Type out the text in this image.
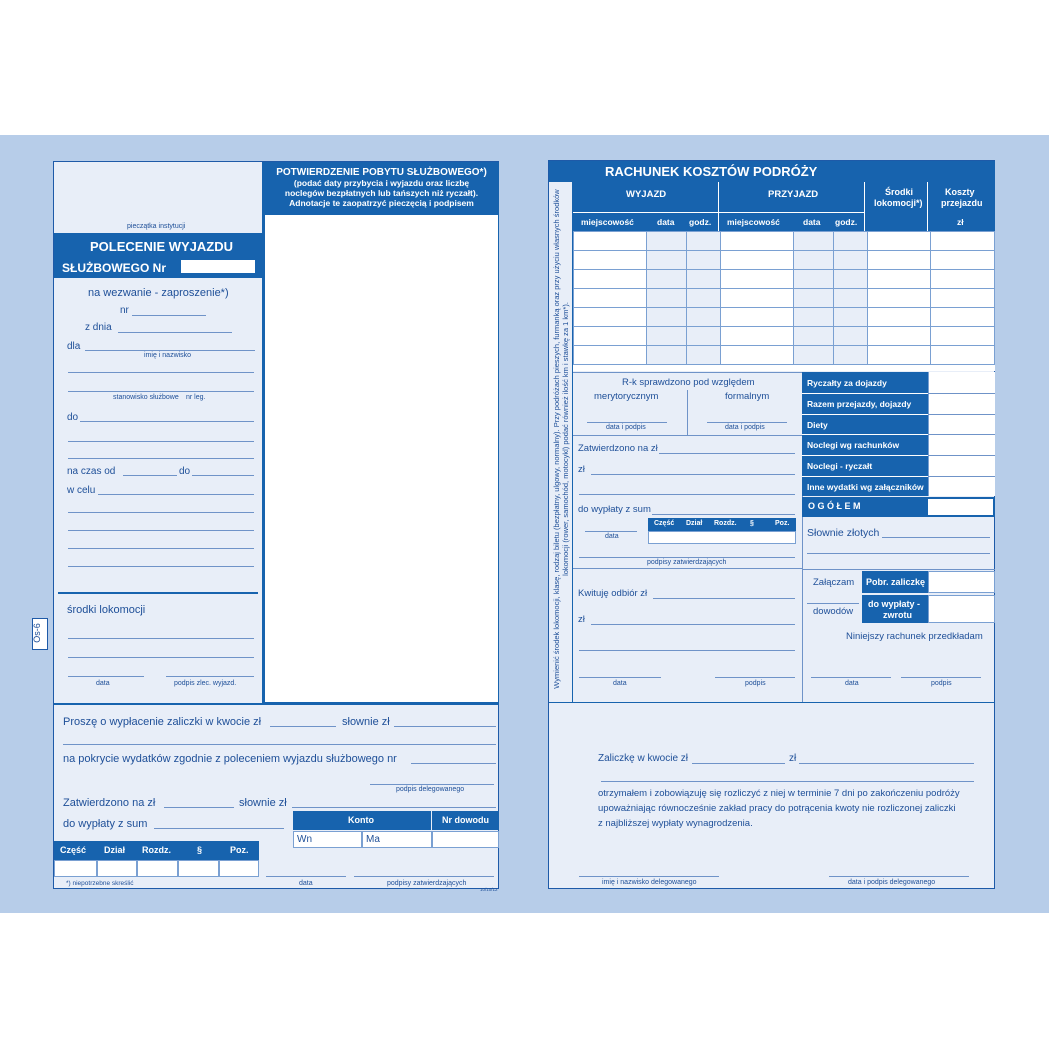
Os-6
pieczątka instytucji
POLECENIE WYJAZDU
SŁUŻBOWEGO Nr
na wezwanie - zaproszenie*)
nr
z dnia
dla
imię i nazwisko
stanowisko służbowe nr leg.
do
na czas od	do
w celu
środki lokomocji
data	podpis zlec. wyjazd.
POTWIERDZENIE POBYTU SŁUŻBOWEGO*)
(podać daty przybycia i wyjazdu oraz liczbę
noclegów bezpłatnych lub tańszych niż ryczałt).
Adnotacje te zaopatrzyć pieczęcią i podpisem
Proszę o wypłacenie zaliczki w kwocie zł	słownie zł
na pokrycie wydatków zgodnie z poleceniem wyjazdu służbowego nr
podpis delegowanego
Zatwierdzono na zł	słownie zł
do wypłaty z sum	Konto	Nr dowodu
Wn	Ma
Część Dział Rozdz.	§	Poz.
*) niepotrzebne skreślić	data	podpisy zatwierdzających
10/10/12
RACHUNEK KOSZTÓW PODRÓŻY
Wymienić środek lokomocji, klasę, rodzaj biletu (bezpłatny, ulgowy, normalny). Przy podróżach pieszych, furmanką oraz przy użyciu własnych środków lokomocji (rower, samochód, motocykl) podać również ilość km i stawkę za 1 km*).
WYJAZD	PRZYJAZD	Środki
lokomocji*)
Koszty
przejazdu
miejscowość	data godz. miejscowość	data godz.	zł

R-k sprawdzono pod względem
merytorycznym	formalnym
data i podpis	data i podpis
Zatwierdzono na zł
zł
do wypłaty z sum
Część Dział Rozdz. §	Poz.
data
podpisy zatwierdzających
Kwituję odbiór zł
zł
data	podpis
Ryczałty za dojazdy
Razem przejazdy, dojazdy
Diety
Noclegi wg rachunków
Noclegi - ryczałt
Inne wydatki wg załączników
O G Ó Ł E M
Słownie złotych
Załączam
dowodów
Pobr. zaliczkę
do wypłaty -
zwrotu
Niniejszy rachunek przedkładam
data	podpis
Zaliczkę w kwocie zł	zł
otrzymałem i zobowiązuję się rozliczyć z niej w terminie 7 dni po zakończeniu podróży
upoważniając równocześnie zakład pracy do potrącenia kwoty nie rozliczonej zaliczki
z najbliższej wypłaty wynagrodzenia.
imię i nazwisko delegowanego	data i podpis delegowanego
